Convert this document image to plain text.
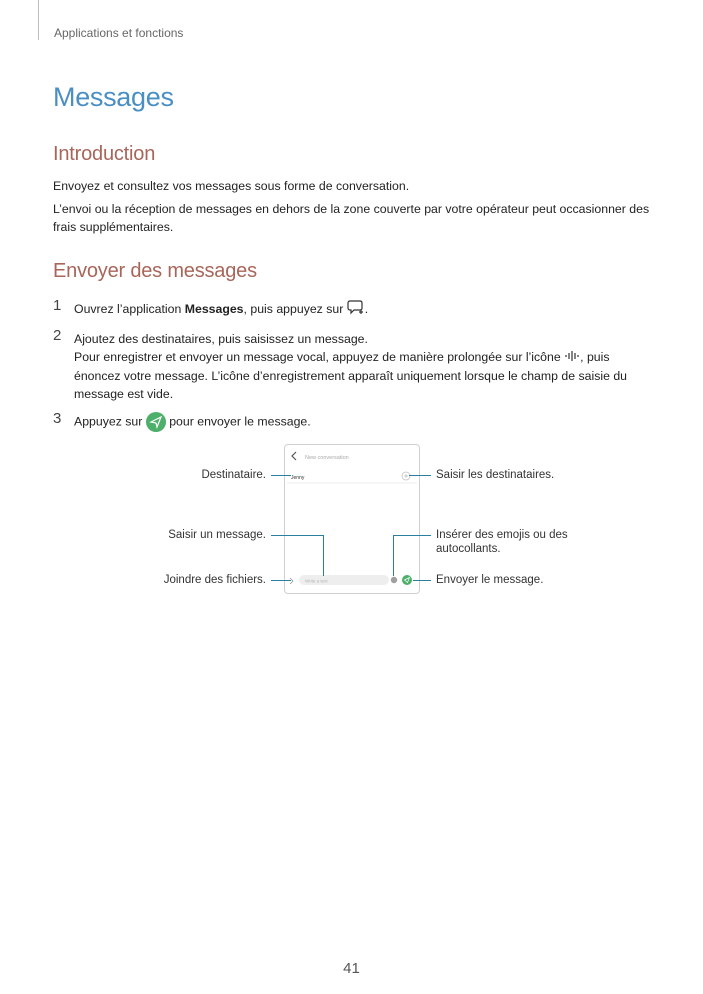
Applications et fonctions
Messages
Introduction

Envoyez et consultez vos messages sous forme de conversation.

L’envoi ou la réception de messages en dehors de la zone couverte par votre opérateur peut occasionner des frais supplémentaires.

Envoyer des messages
1 Ouvrez l’application Messages, puis appuyez sur .
2 Ajoutez des destinataires, puis saisissez un message.
Pour enregistrer et envoyer un message vocal, appuyez de manière prolongée sur l’icône , puis énoncez votre message. L’icône d’enregistrement apparaît uniquement lorsque le champ de saisie du message est vide.
3 Appuyez sur
pour envoyer le message.
New conversation
Jenny
Write a text
Destinataire.	Saisir les destinataires.
Saisir un message.	Insérer des emojis ou des autocollants.
Joindre des fichiers.	Envoyer le message.
41
